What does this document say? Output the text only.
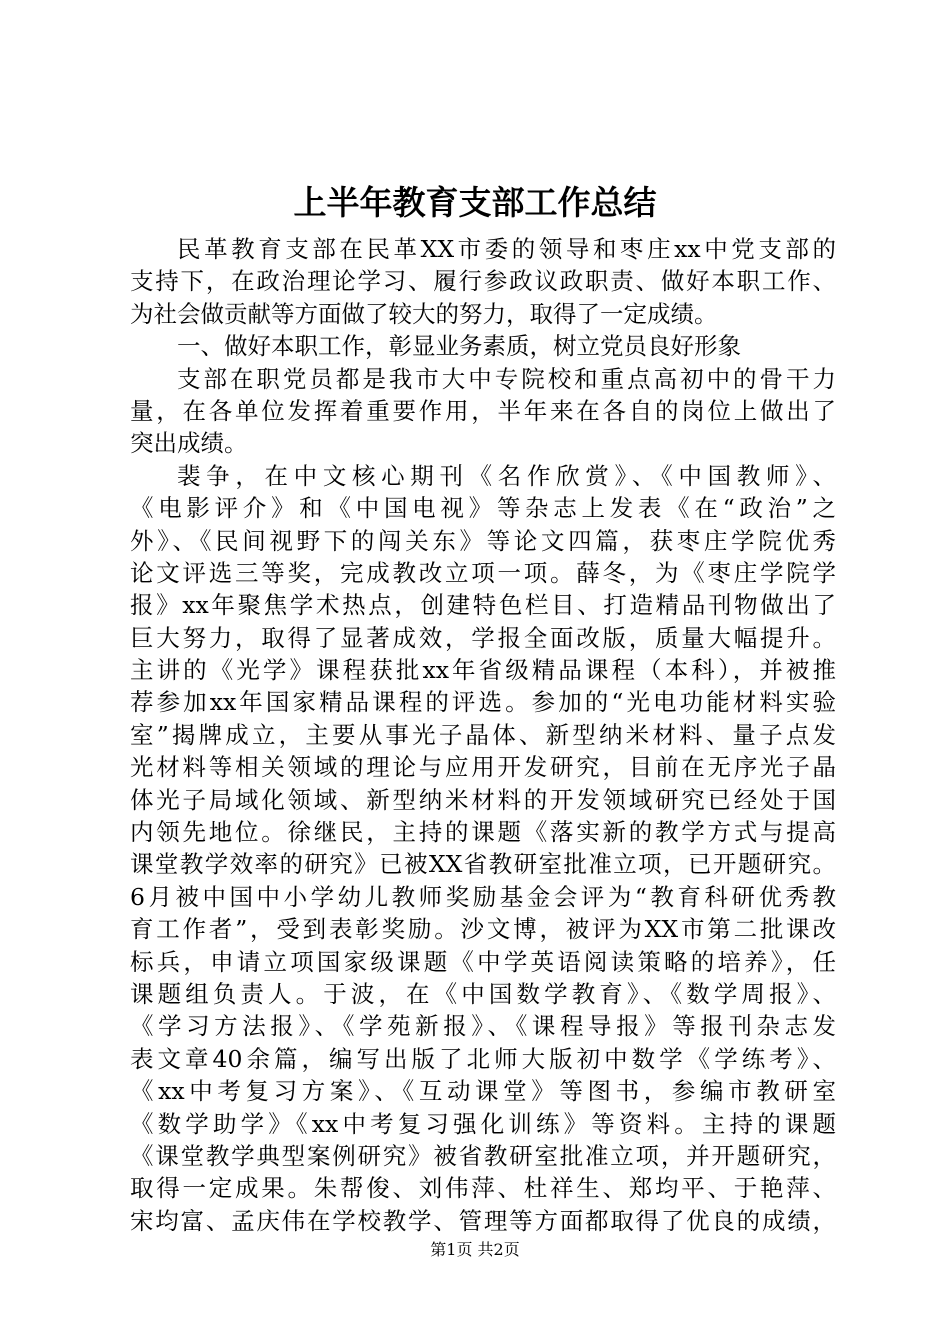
上半年教育支部工作总结
民革教育支部在民革XX市委的领导和枣庄xx中党支部的
支持下，在政治理论学习、履行参政议政职责、做好本职工作、
为社会做贡献等方面做了较大的努力，取得了一定成绩。
一、做好本职工作，彰显业务素质，树立党员良好形象
支部在职党员都是我市大中专院校和重点高初中的骨干力
量，在各单位发挥着重要作用，半年来在各自的岗位上做出了
突出成绩。
裴争，在中文核心期刊《名作欣赏》、《中国教师》、
《电影评介》和《中国电视》等杂志上发表《在“政治”之
外》、《民间视野下的闯关东》等论文四篇，获枣庄学院优秀
论文评选三等奖，完成教改立项一项。薛冬，为《枣庄学院学
报》xx年聚焦学术热点，创建特色栏目、打造精品刊物做出了
巨大努力，取得了显著成效，学报全面改版，质量大幅提升。
主讲的《光学》课程获批xx年省级精品课程（本科），并被推
荐参加xx年国家精品课程的评选。参加的“光电功能材料实验
室”揭牌成立，主要从事光子晶体、新型纳米材料、量子点发
光材料等相关领域的理论与应用开发研究，目前在无序光子晶
体光子局域化领域、新型纳米材料的开发领域研究已经处于国
内领先地位。徐继民，主持的课题《落实新的教学方式与提高
课堂教学效率的研究》已被XX省教研室批准立项，已开题研究。
6月被中国中小学幼儿教师奖励基金会评为“教育科研优秀教
育工作者”，受到表彰奖励。沙文博，被评为XX市第二批课改
标兵，申请立项国家级课题《中学英语阅读策略的培养》，任
课题组负责人。于波，在《中国数学教育》、《数学周报》、
《学习方法报》、《学苑新报》、《课程导报》等报刊杂志发
表文章40余篇，编写出版了北师大版初中数学《学练考》、
《xx中考复习方案》、《互动课堂》等图书，参编市教研室
《数学助学》《xx中考复习强化训练》等资料。主持的课题
《课堂教学典型案例研究》被省教研室批准立项，并开题研究，
取得一定成果。朱帮俊、刘伟萍、杜祥生、郑均平、于艳萍、
宋均富、孟庆伟在学校教学、管理等方面都取得了优良的成绩，
第1页 共2页
